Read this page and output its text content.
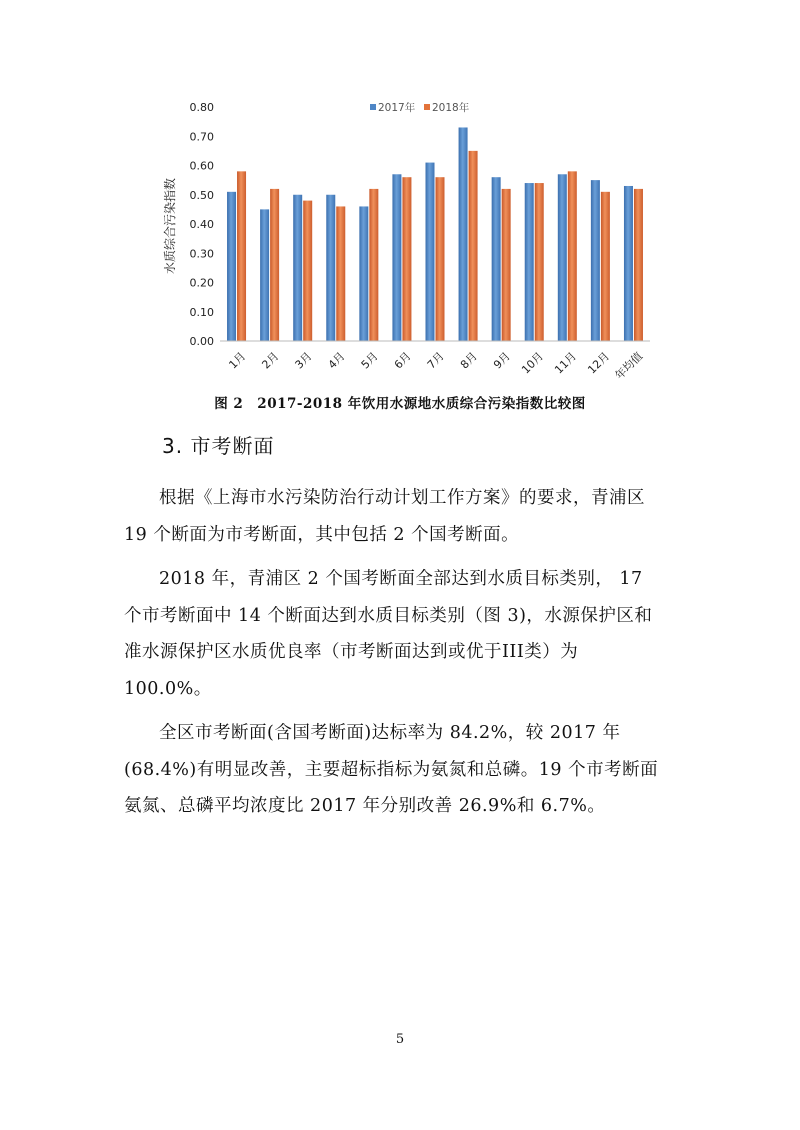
0.00
0.10
0.20
0.30
0.40
0.50
0.60
0.70
0.80
1月 2月 3月 4月 5月 6月 7月 8月 9月 10月 11月 12月 年均值
水质综合污染指数
2017年 2018年
图 2　2017-2018 年饮用水源地水质综合污染指数比较图
3. 市考断面

根据《上海市水污染防治行动计划工作方案》的要求，青浦区 19 个断面为市考断面，其中包括 2 个国考断面。

2018 年，青浦区 2 个国考断面全部达到水质目标类别， 17 个市考断面中 14 个断面达到水质目标类别（图 3)，水源保护区和准水源保护区水质优良率（市考断面达到或优于III类）为 100.0%。

全区市考断面(含国考断面)达标率为 84.2%，较 2017 年(68.4%)有明显改善，主要超标指标为氨氮和总磷。19 个市考断面氨氮、总磷平均浓度比 2017 年分别改善 26.9%和 6.7%。

5
